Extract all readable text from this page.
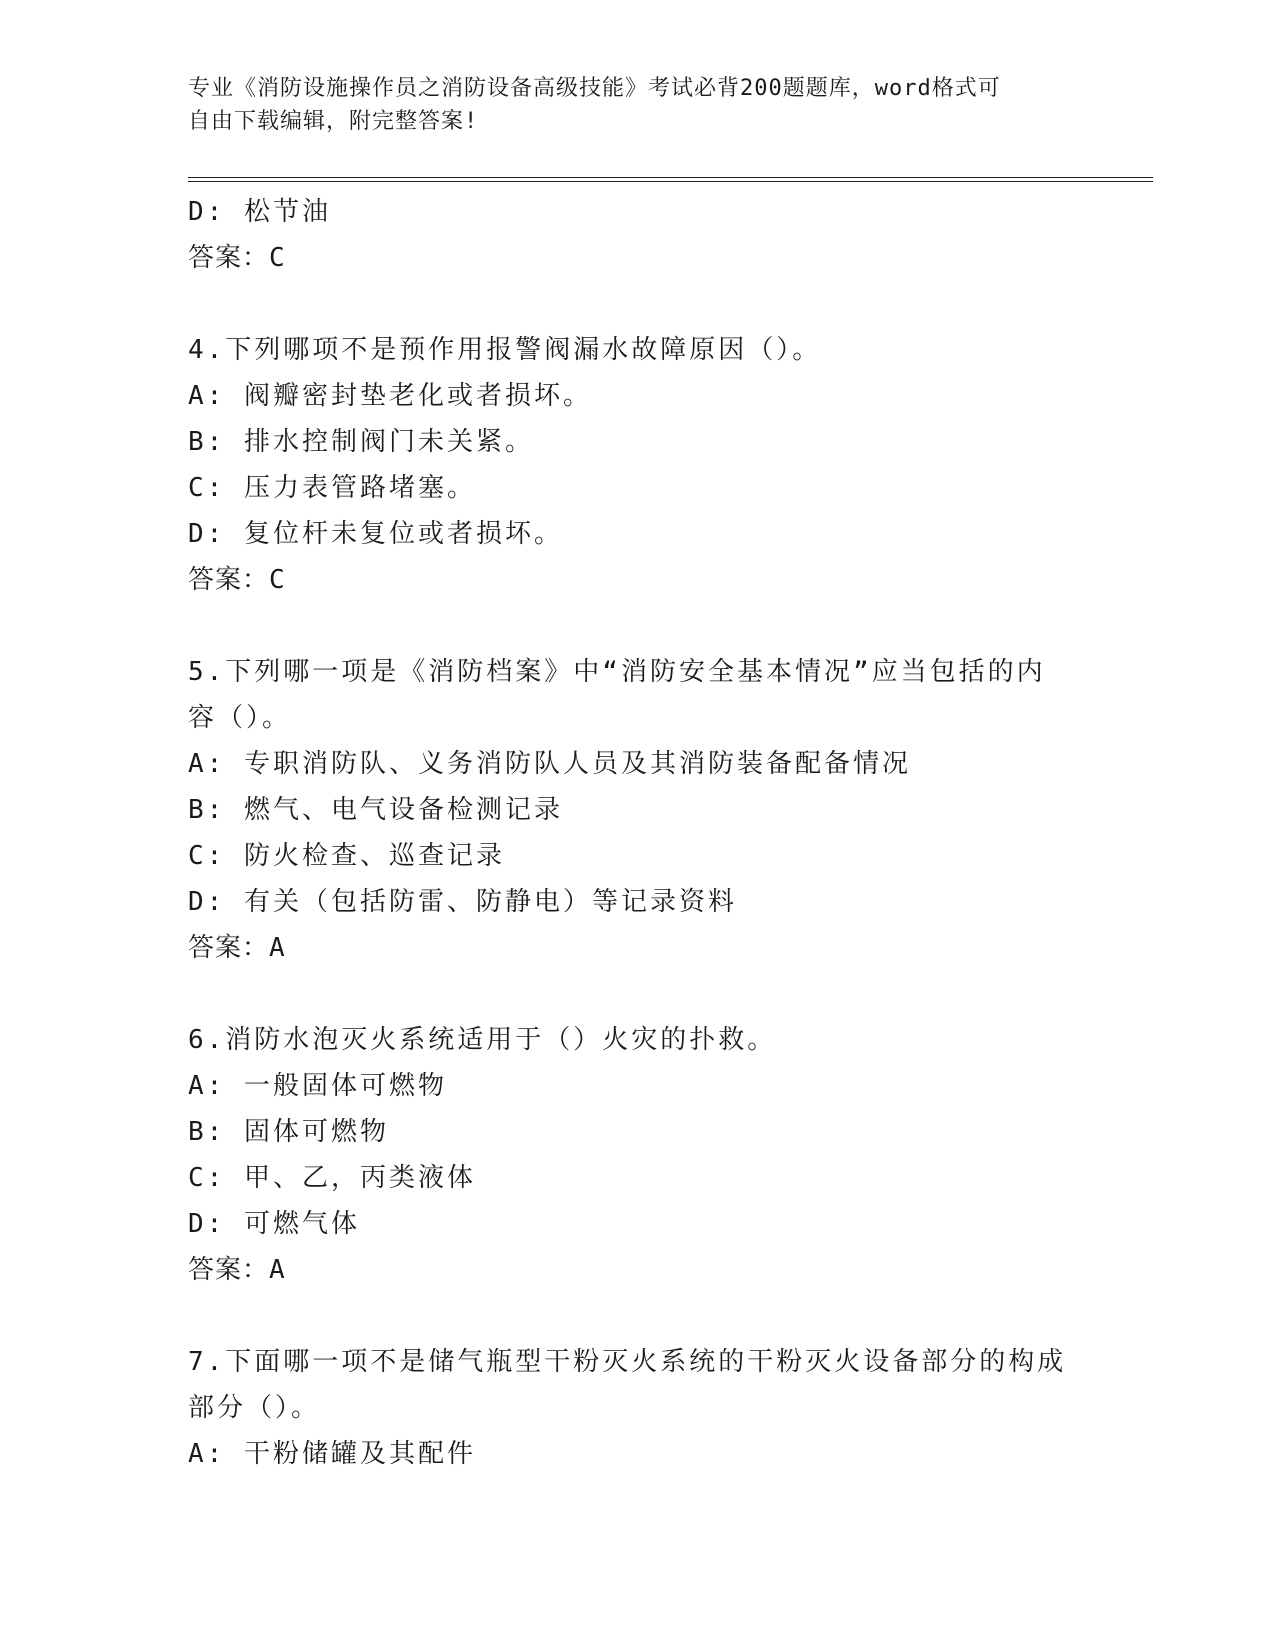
专业《消防设施操作员之消防设备高级技能》考试必背200题题库，word格式可
自由下载编辑，附完整答案!
D: 松节油
答案：C
4.下列哪项不是预作用报警阀漏水故障原因（）。
A: 阀瓣密封垫老化或者损坏。
B: 排水控制阀门未关紧。
C: 压力表管路堵塞。
D: 复位杆未复位或者损坏。
答案：C
5.下列哪一项是《消防档案》中“消防安全基本情况”应当包括的内
容（）。
A: 专职消防队、义务消防队人员及其消防装备配备情况
B: 燃气、电气设备检测记录
C: 防火检查、巡查记录
D: 有关（包括防雷、防静电）等记录资料
答案：A
6.消防水泡灭火系统适用于（）火灾的扑救。
A: 一般固体可燃物
B: 固体可燃物
C: 甲、乙，丙类液体
D: 可燃气体
答案：A
7.下面哪一项不是储气瓶型干粉灭火系统的干粉灭火设备部分的构成
部分（）。
A: 干粉储罐及其配件
